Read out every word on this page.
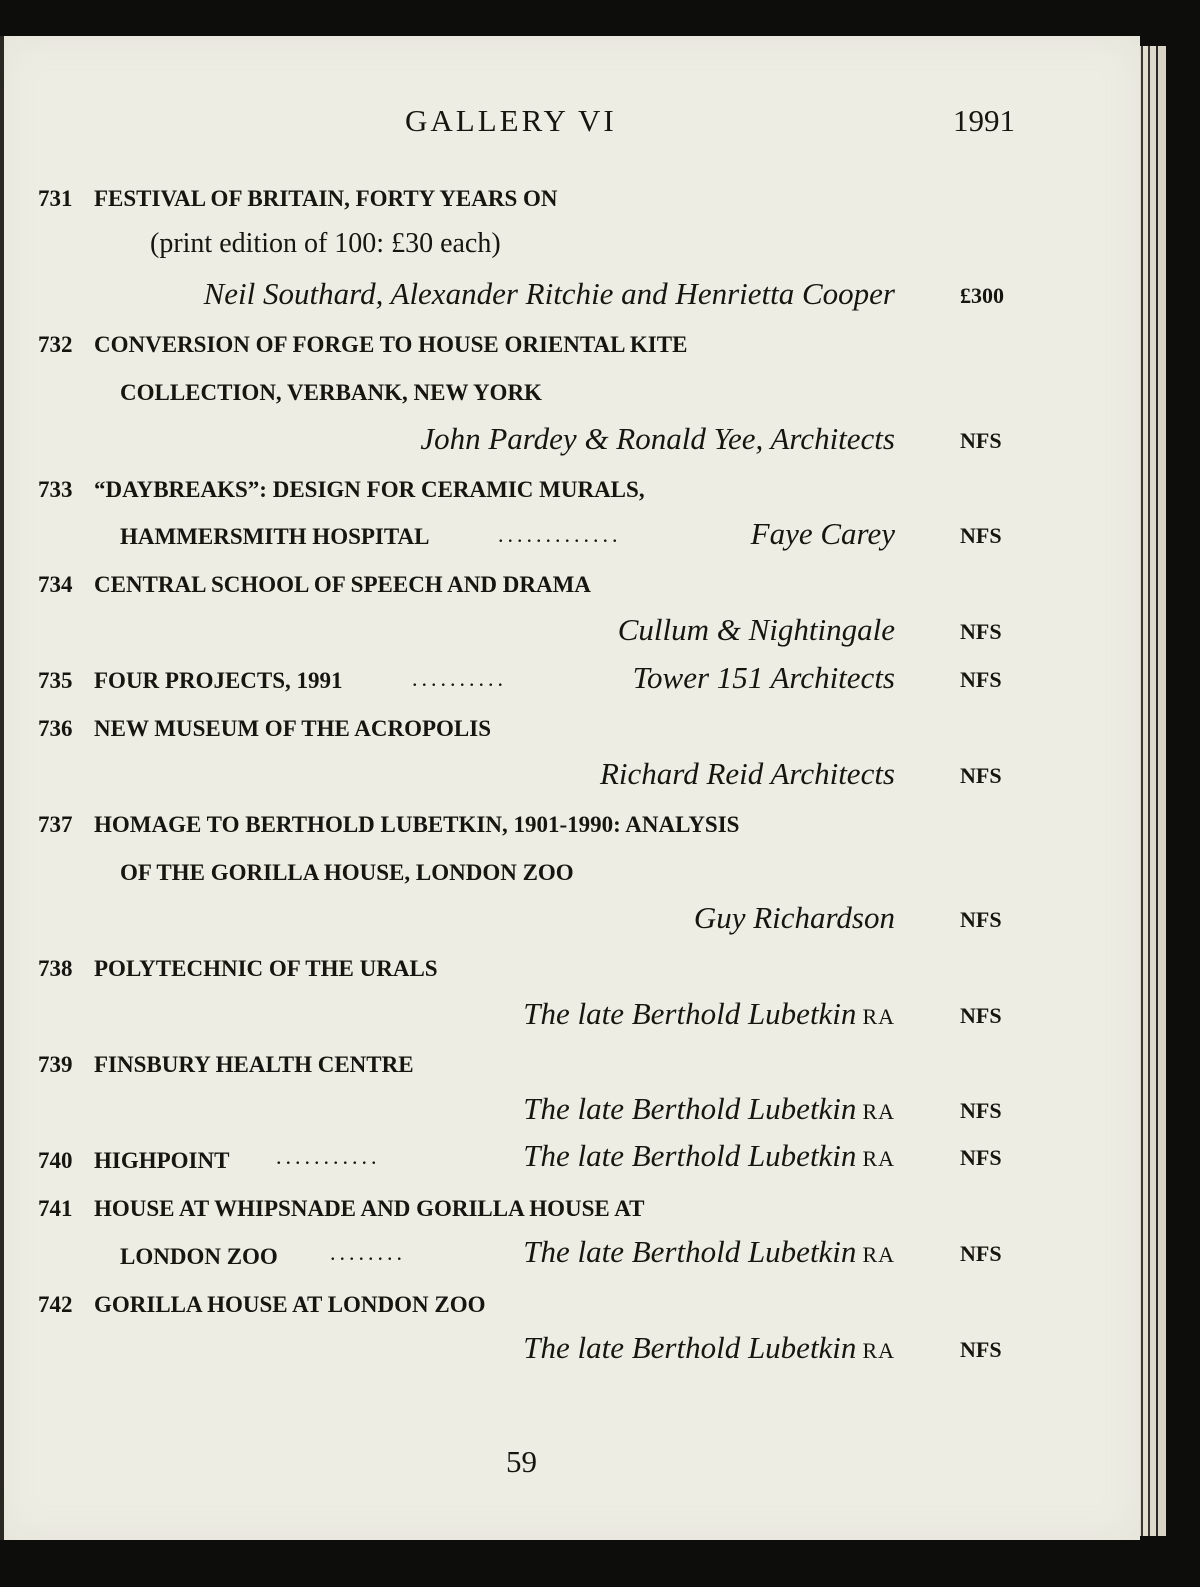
GALLERY VI	1991
731 FESTIVAL OF BRITAIN, FORTY YEARS ON
(print edition of 100: £30 each)
Neil Southard, Alexander Ritchie and Henrietta Cooper	£300
732 CONVERSION OF FORGE TO HOUSE ORIENTAL KITE
COLLECTION, VERBANK, NEW YORK
John Pardey & Ronald Yee, Architects	NFS
733 “DAYBREAKS”: DESIGN FOR CERAMIC MURALS,
HAMMERSMITH HOSPITAL	.............	Faye Carey	NFS
734 CENTRAL SCHOOL OF SPEECH AND DRAMA
Cullum & Nightingale	NFS
735 FOUR PROJECTS, 1991	..........	Tower 151 Architects	NFS
736 NEW MUSEUM OF THE ACROPOLIS
Richard Reid Architects	NFS
737 HOMAGE TO BERTHOLD LUBETKIN, 1901-1990: ANALYSIS
OF THE GORILLA HOUSE, LONDON ZOO
Guy Richardson	NFS
738 POLYTECHNIC OF THE URALS
The late Berthold Lubetkin RA	NFS
739 FINSBURY HEALTH CENTRE
The late Berthold Lubetkin RA	NFS
740 HIGHPOINT ...........	The late Berthold Lubetkin RA	NFS
741 HOUSE AT WHIPSNADE AND GORILLA HOUSE AT
LONDON ZOO ........	The late Berthold Lubetkin RA	NFS
742 GORILLA HOUSE AT LONDON ZOO
The late Berthold Lubetkin RA	NFS
59
